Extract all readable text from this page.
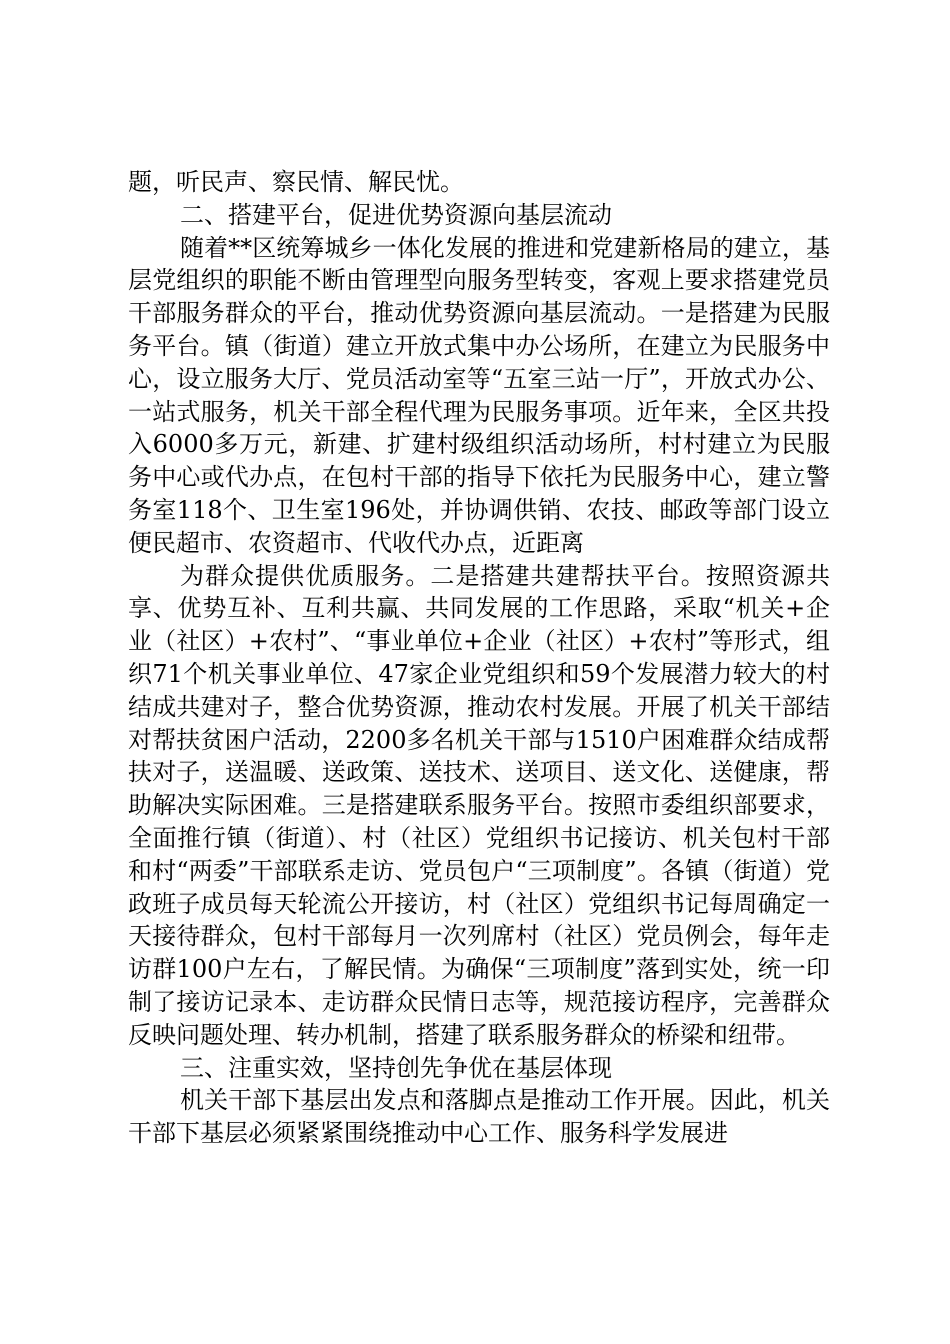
题，听民声、察民情、解民忧。

二、搭建平台，促进优势资源向基层流动

随着**区统筹城乡一体化发展的推进和党建新格局的建立，基层党组织的职能不断由管理型向服务型转变，客观上要求搭建党员干部服务群众的平台，推动优势资源向基层流动。一是搭建为民服务平台。镇（街道）建立开放式集中办公场所，在建立为民服务中心，设立服务大厅、党员活动室等“五室三站一厅”，开放式办公、一站式服务，机关干部全程代理为民服务事项。近年来，全区共投入6000多万元，新建、扩建村级组织活动场所，村村建立为民服务中心或代办点，在包村干部的指导下依托为民服务中心，建立警务室118个、卫生室196处，并协调供销、农技、邮政等部门设立便民超市、农资超市、代收代办点，近距离

为群众提供优质服务。二是搭建共建帮扶平台。按照资源共享、优势互补、互利共赢、共同发展的工作思路，采取“机关+企业（社区）+农村”、“事业单位+企业（社区）+农村”等形式，组织71个机关事业单位、47家企业党组织和59个发展潜力较大的村结成共建对子，整合优势资源，推动农村发展。开展了机关干部结对帮扶贫困户活动，2200多名机关干部与1510户困难群众结成帮扶对子，送温暖、送政策、送技术、送项目、送文化、送健康，帮助解决实际困难。三是搭建联系服务平台。按照市委组织部要求，全面推行镇（街道）、村（社区）党组织书记接访、机关包村干部和村“两委”干部联系走访、党员包户“三项制度”。各镇（街道）党政班子成员每天轮流公开接访，村（社区）党组织书记每周确定一天接待群众，包村干部每月一次列席村（社区）党员例会，每年走访群100户左右，了解民情。为确保“三项制度”落到实处，统一印制了接访记录本、走访群众民情日志等，规范接访程序，完善群众反映问题处理、转办机制，搭建了联系服务群众的桥梁和纽带。

三、注重实效，坚持创先争优在基层体现

机关干部下基层出发点和落脚点是推动工作开展。因此，机关干部下基层必须紧紧围绕推动中心工作、服务科学发展进
